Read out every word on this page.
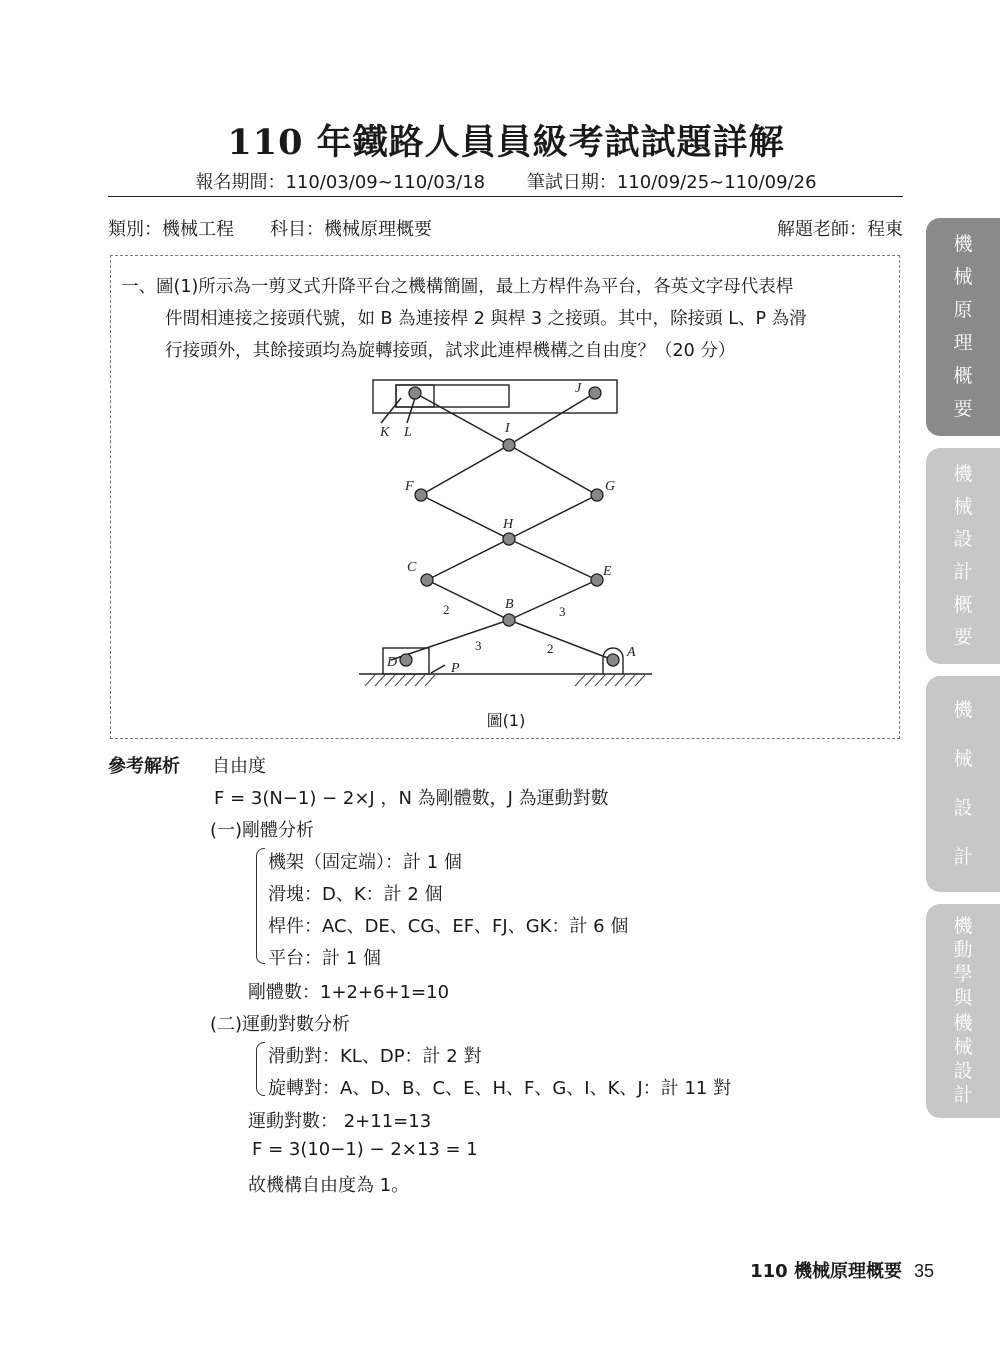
110 年鐵路人員員級考試試題詳解
報名期間：110/03/09~110/03/18 筆試日期：110/09/25~110/09/26
類別：機械工程 科目：機械原理概要	解題老師：程東
一、圖(1)所示為一剪叉式升降平台之機構簡圖，最上方桿件為平台，各英文字母代表桿
件間相連接之接頭代號，如 B 為連接桿 2 與桿 3 之接頭。其中，除接頭 L、P 為滑
行接頭外，其餘接頭均為旋轉接頭，試求此連桿機構之自由度？（20 分）
K L
J
I
F	G
H
C	E
B
D	P
A
2	3
3	2
圖(1)
參考解析 自由度
F = 3(N−1) − 2×J ，N 為剛體數，J 為運動對數
(一)剛體分析
機架（固定端）：計 1 個
滑塊：D、K：計 2 個
桿件：AC、DE、CG、EF、FJ、GK：計 6 個
平台：計 1 個
剛體數：1+2+6+1=10
(二)運動對數分析
滑動對：KL、DP：計 2 對
旋轉對：A、D、B、C、E、H、F、G、I、K、J：計 11 對
運動對數： 2+11=13
F = 3(10−1) − 2×13 = 1
故機構自由度為 1。
機
械
原
理
概
要
機
械
設
計
概
要
機
械
設
計
機
動
學
與
機
械
設
計
110 機械原理概要 35
